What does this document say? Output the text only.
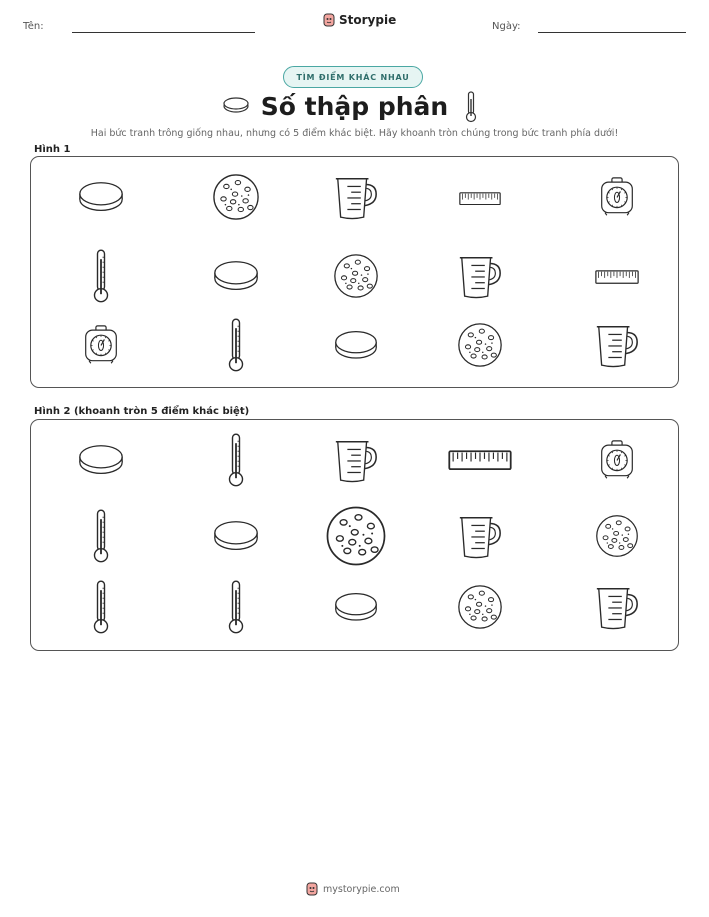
Tên:	Storypie	Ngày:
TÌM ĐIỂM KHÁC NHAU
Số thập phân
Hai bức tranh trông giống nhau, nhưng có 5 điểm khác biệt. Hãy khoanh tròn chúng trong bức tranh phía dưới!
Hình 1
Hình 2 (khoanh tròn 5 điểm khác biệt)
mystorypie.com
